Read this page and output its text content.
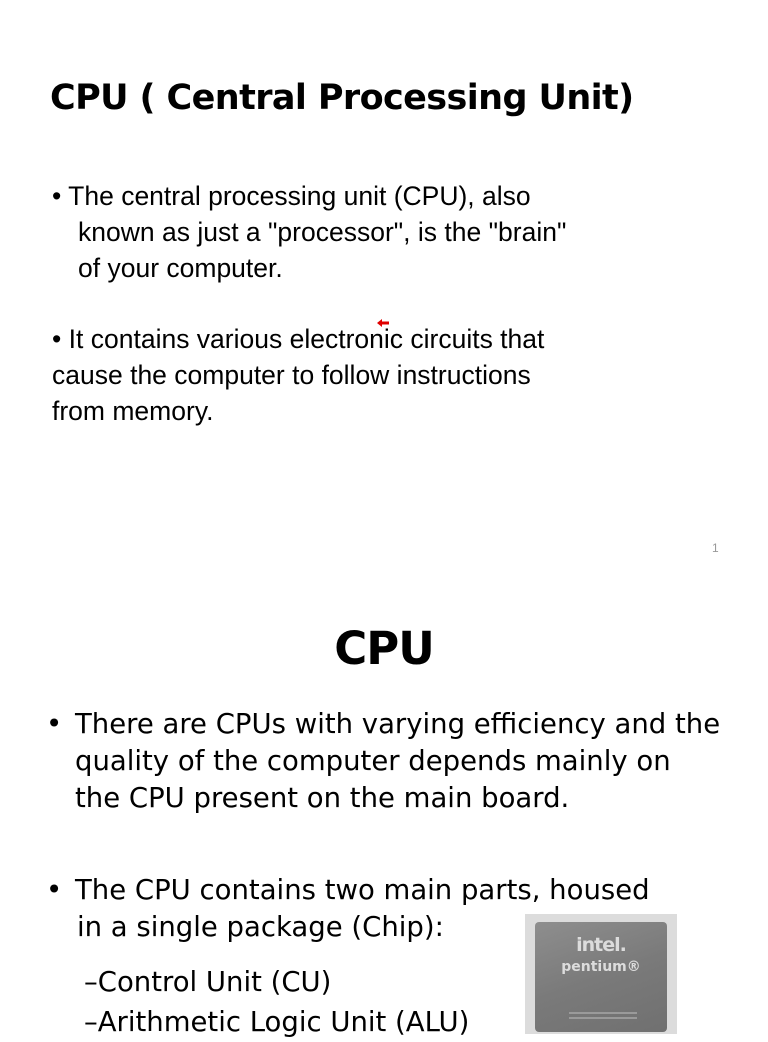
CPU ( Central Processing Unit)

• The central processing unit (CPU), also
known as just a "processor", is the "brain"
of your computer.

• It contains various electronic circuits that
cause the computer to follow instructions
from memory.

1
CPU
• There are CPUs with varying efficiency and the
quality of the computer depends mainly on
the CPU present on the main board.
• The CPU contains two main parts, housed
in a single package (Chip):
–Control Unit (CU)
–Arithmetic Logic Unit (ALU)
intel.
pentium®
